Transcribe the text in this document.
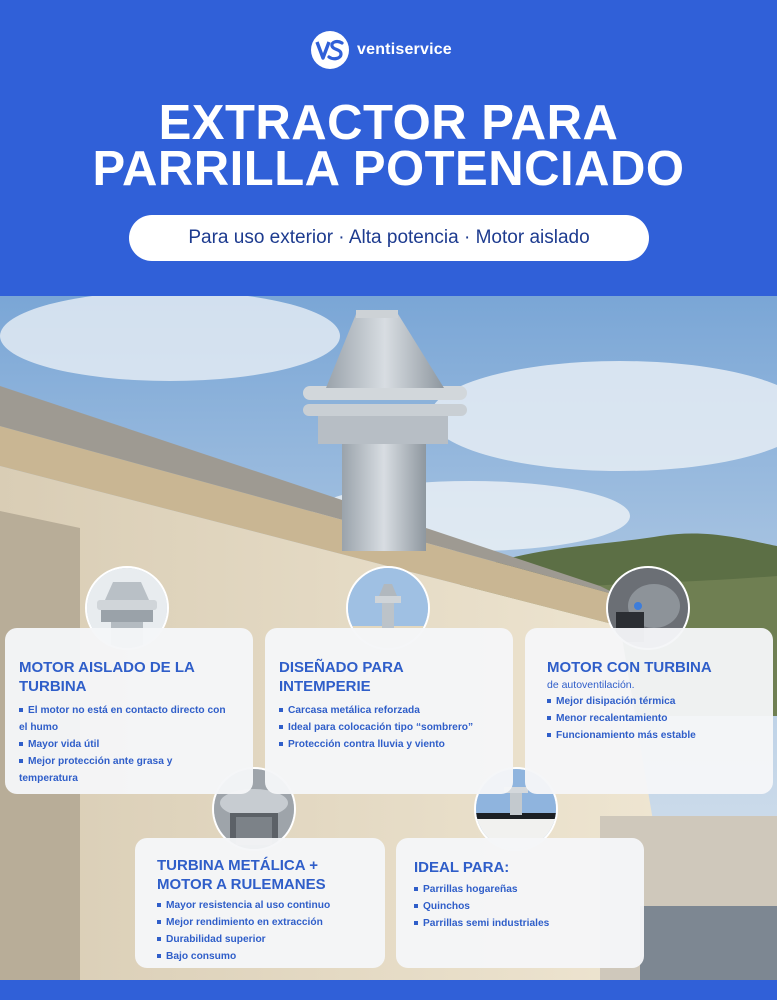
ventiservice
EXTRACTOR PARA
PARRILLA POTENCIADO
Para uso exterior · Alta potencia · Motor aislado
MOTOR AISLADO DE LA
TURBINA
El motor no está en contacto directo con
el humo
Mayor vida útil
Mejor protección ante grasa y
temperatura
DISEÑADO PARA
INTEMPERIE
Carcasa metálica reforzada
Ideal para colocación tipo “sombrero”
Protección contra lluvia y viento
MOTOR CON TURBINA
de autoventilación.
Mejor disipación térmica
Menor recalentamiento
Funcionamiento más estable
TURBINA METÁLICA +
MOTOR A RULEMANES
Mayor resistencia al uso continuo
Mejor rendimiento en extracción
Durabilidad superior
Bajo consumo
IDEAL PARA:
Parrillas hogareñas
Quinchos
Parrillas semi industriales
